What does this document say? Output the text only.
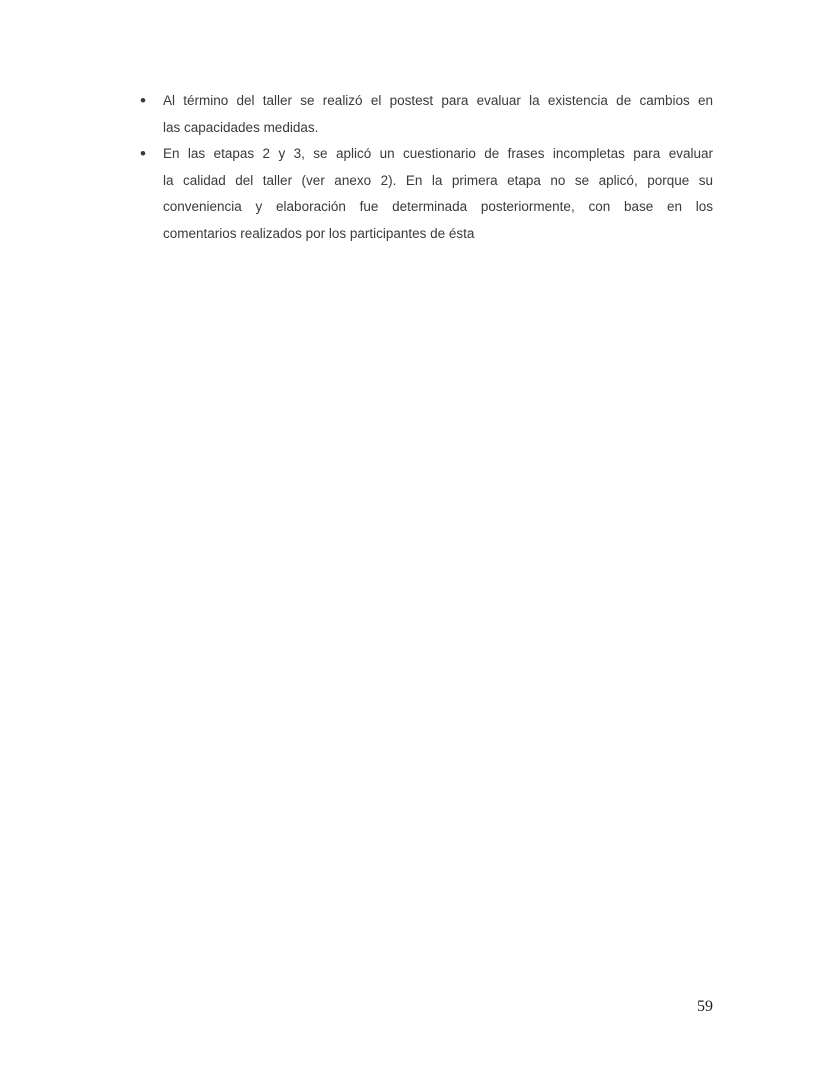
•	Al término del taller se realizó el postest para evaluar la existencia de cambios en
las capacidades medidas.
•	En las etapas 2 y 3, se aplicó un cuestionario de frases incompletas para evaluar
la calidad del taller (ver anexo 2). En la primera etapa no se aplicó, porque su
conveniencia y elaboración fue determinada posteriormente, con base en los
comentarios realizados por los participantes de ésta
59
